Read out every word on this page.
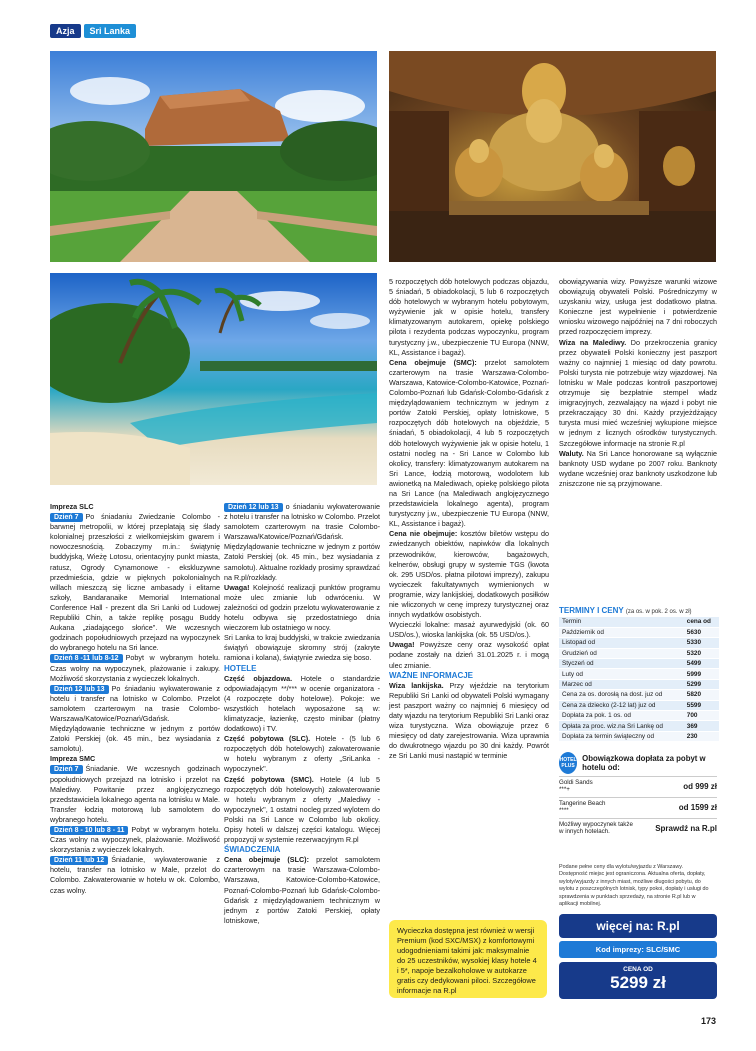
Azja	Sri Lanka

Impreza SLC

Dzień 7 Po śniadaniu Zwiedzanie Colombo - barwnej metropolii, w której przeplatają się ślady kolonialnej przeszłości z wielkomiejskim gwarem i nowoczesnością. Zobaczymy m.in.: świątynię buddyjską, Wieżę Lotosu, orientacyjny punkt miasta, ratusz, Ogrody Cynamonowe - ekskluzywne przedmieścia, gdzie w pięknych pokolonialnych willach mieszczą się liczne ambasady i elitarne szkoły, Bandaranaike Memorial International Conference Hall - prezent dla Sri Lanki od Ludowej Republiki Chin, a także replikę posągu Buddy Aukana „ziadającego słońce". We wczesnych godzinach popołudniowych przejazd na wypoczynek do wybranego hotelu na Sri lance.

Dzień 8 -11 lub 8-12 Pobyt w wybranym hotelu. Czas wolny na wypoczynek, plażowanie i zakupy. Możliwość skorzystania z wycieczek lokalnych.

Dzień 12 lub 13 Po śniadaniu wykwaterowanie z hotelu i transfer na lotnisko w Colombo. Przelot samolotem czarterowym na trasie Colombo-Warszawa/Katowice/Poznań/Gdańsk. Międzylądowanie techniczne w jednym z portów Zatoki Perskiej (ok. 45 min., bez wysiadania z samolotu).

Impreza SMC

Dzień 7 Śniadanie. We wczesnych godzinach popołudniowych przejazd na lotnisko i przelot na Malediwy. Powitanie przez anglojęzycznego przedstawiciela lokalnego agenta na lotnisku w Male. Transfer łodzią motorową lub samolotem do wybranego hotelu.

Dzień 8 - 10 lub 8 - 11 Pobyt w wybranym hotelu. Czas wolny na wypoczynek, plażowanie. Możliwość skorzystania z wycieczek lokalnych.

Dzień 11 lub 12 Śniadanie, wykwaterowanie z hotelu, transfer na lotnisko w Male, przelot do Colombo. Zakwaterowanie w hotelu w ok. Colombo, czas wolny.

Dzień 12 lub 13 o śniadaniu wykwaterowanie z hotelu i transfer na lotnisko w Colombo. Przelot samolotem czarterowym na trasie Colombo-Warszawa/Katowice/Poznań/Gdańsk. Międzylądowanie techniczne w jednym z portów Zatoki Perskiej (ok. 45 min., bez wysiadania z samolotu). Aktualne rozkłady prosimy sprawdzać na R.pl/rozkłady.

Uwaga! Kolejność realizacji punktów programu może ulec zmianie lub odwróceniu. W zależności od godzin przelotu wykwaterowanie z hotelu odbywa się przedostatniego dnia wieczorem lub ostatniego w nocy.

Sri Lanka to kraj buddyjski, w trakcie zwiedzania świątyń obowiązuje skromny strój (zakryte ramiona i kolana), świątynie zwiedza się boso.

HOTELE

Część objazdowa. Hotele o standardzie odpowiadającym **/*** w ocenie organizatora - (4 rozpoczęte doby hotelowe). Pokoje: we wszystkich hotelach wyposażone są w: klimatyzacje, łazienkę, często minibar (płatny dodatkowo) i TV.

Część pobytowa (SLC). Hotele - (5 lub 6 rozpoczętych dób hotelowych) zakwaterowanie w hotelu wybranym z oferty „SriLanka - wypoczynek".

Część pobytowa (SMC). Hotele (4 lub 5 rozpoczętych dób hotelowych) zakwaterowanie w hotelu wybranym z oferty „Malediwy - wypoczynek", 1 ostatni nocleg przed wylotem do Polski na Sri Lance w Colombo lub okolicy. Opisy hoteli w dalszej części katalogu. Więcej propozycji w systemie rezerwacyjnym R.pl

ŚWIADCZENIA

Cena obejmuje (SLC): przelot samolotem czarterowym na trasie Warszawa-Colombo-Warszawa, Katowice-Colombo-Katowice, Poznań-Colombo-Poznań lub Gdańsk-Colombo-Gdańsk z międzylądowaniem technicznym w jednym z portów Zatoki Perskiej, opłaty lotniskowe,

5 rozpoczętych dób hotelowych podczas objazdu, 5 śniadań, 5 obiadokolacji, 5 lub 6 rozpoczętych dób hotelowych w wybranym hotelu pobytowym, wyżywienie jak w opisie hotelu, transfery klimatyzowanym autokarem, opiekę polskiego pilota i rezydenta podczas wypoczynku, program turystyczny j.w., ubezpieczenie TU Europa (NNW, KL, Assistance i bagaż).

Cena obejmuje (SMC): przelot samolotem czarterowym na trasie Warszawa-Colombo-Warszawa, Katowice-Colombo-Katowice, Poznań-Colombo-Poznań lub Gdańsk-Colombo-Gdańsk z międzylądowaniem technicznym w jednym z portów Zatoki Perskiej, opłaty lotniskowe, 5 rozpoczętych dób hotelowych na objeździe, 5 śniadań, 5 obiadokolacji, 4 lub 5 rozpoczętych dób hotelowych wyżywienie jak w opisie hotelu, 1 ostatni nocleg na - Sri Lance w Colombo lub okolicy, transfery: klimatyzowanym autokarem na Sri Lance, łodzią motorową, wodolotem lub awionetką na Malediwach, opiekę polskiego pilota na Sri Lance (na Malediwach anglojęzycznego przedstawiciela lokalnego agenta), program turystyczny j.w., ubezpieczenie TU Europa (NNW, KL, Assistance i bagaż).

Cena nie obejmuje: kosztów biletów wstępu do zwiedzanych obiektów, napiwków dla lokalnych przewodników, kierowców, bagażowych, kelnerów, obsługi grupy w systemie TGS (kwota ok. 295 USD/os. płatna pilotowi imprezy), zakupu wycieczek fakultatywnych wymienionych w programie, wizy lankijskiej, dodatkowych posiłków nie wliczonych w cenę imprezy turystycznej oraz innych wydatków osobistych.

Wycieczki lokalne: masaż ayurwedyjski (ok. 60 USD/os.), wioska lankijska (ok. 55 USD/os.).

Uwaga! Powyższe ceny oraz wysokość opłat podane zostały na dzień 31.01.2025 r. i mogą ulec zmianie.

WAŻNE INFORMACJE

Wiza lankijska. Przy wjeździe na terytorium Republiki Sri Lanki od obywateli Polski wymagany jest paszport ważny co najmniej 6 miesięcy od daty wjazdu na terytorium Republiki Sri Lanki oraz wiza turystyczna. Wiza obowiązuje przez 6 miesięcy od daty zarejestrowania. Wiza uprawnia do dwukrotnego wjazdu po 30 dni każdy. Powrót ze Sri Lanki musi nastąpić w terminie

obowiązywania wizy. Powyższe warunki wizowe obowiązują obywateli Polski. Pośredniczymy w uzyskaniu wizy, usługa jest dodatkowo płatna. Konieczne jest wypełnienie i potwierdzenie wniosku wizowego najpóźniej na 7 dni roboczych przed rozpoczęciem imprezy.

Wiza na Malediwy. Do przekroczenia granicy przez obywateli Polski konieczny jest paszport ważny co najmniej 1 miesiąc od daty powrotu. Polski turysta nie potrzebuje wizy wjazdowej. Na lotnisku w Male podczas kontroli paszportowej otrzymuje się bezpłatnie stempel władz imigracyjnych, zezwalający na wjazd i pobyt nie przekraczający 30 dni. Każdy przyjeżdżający turysta musi mieć wcześniej wykupione miejsce w jednym z licznych ośrodków turystycznych. Szczegółowe informacje na stronie R.pl

Waluty. Na Sri Lance honorowane są wyłącznie banknoty USD wydane po 2007 roku. Banknoty wydane wcześniej oraz banknoty uszkodzone lub zniszczone nie są przyjmowane.

TERMINY I CENY (za os. w pok. 2 os. w zł)
Termin	cena od
Październik od	5630
Listopad od	5330
Grudzień od	5320
Styczeń od	5499
Luty od	5999
Marzec od	5299
Cena za os. dorosłą na dost. juz od	5820
Cena za dziecko (2-12 lat) juz od	5599
Dopłata za pok. 1 os. od	700
Opłata za proc. wiz.na Sri Lankę od	369
Dopłata za termin świąteczny od	230
HOTEL PLUS
Obowiązkowa dopłata za pobyt w hotelu od:
Goldi Sands
***+	od 999 zł
Tangerine Beach
****	od 1599 zł
Możliwy wypoczynek także w innych hotelach.	Sprawdź na R.pl
Podane pełne ceny dla wylotu/wyjazdu z Warszawy. Dostępność miejsc jest ograniczona. Aktualna oferta, dopłaty, wyloty/wyjazdy z innych miast, możliwe długości pobytu, do wylotu z poszczególnych lotnisk, typy pokoi, dopłaty i usługi do sprawdzenia w punktach sprzedaży, na stronie R.pl lub w aplikacji mobilnej.
Wycieczka dostępna jest również w wersji Premium (kod SXC/MSX) z komfortowymi udogodnieniami takimi jak: maksymalnie do 25 uczestników, wysokiej klasy hotele 4 i 5*, napoje bezalkoholowe w autokarze gratis czy dedykowani piloci. Szczegółowe informacje na R.pl
więcej na: R.pl
Kod imprezy: SLC/SMC
CENA OD
5299 zł
173
